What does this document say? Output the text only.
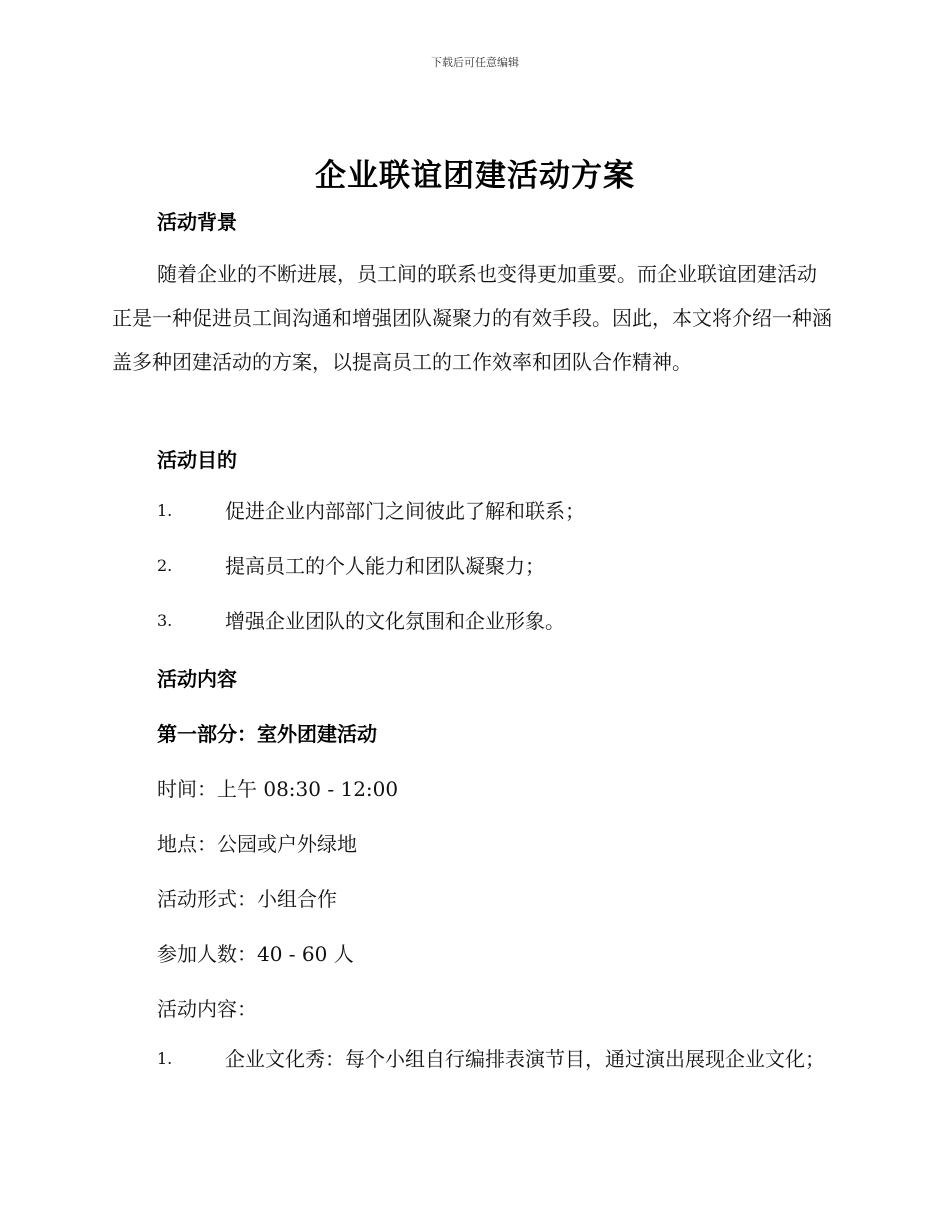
下载后可任意编辑
企业联谊团建活动方案
活动背景

随着企业的不断进展，员工间的联系也变得更加重要。而企业联谊团建活动正是一种促进员工间沟通和增强团队凝聚力的有效手段。因此，本文将介绍一种涵盖多种团建活动的方案，以提高员工的工作效率和团队合作精神。

活动目的
1.	促进企业内部部门之间彼此了解和联系；
2.	提高员工的个人能力和团队凝聚力；
3.	增强企业团队的文化氛围和企业形象。
活动内容
第一部分：室外团建活动
时间：上午 08:30 - 12:00
地点：公园或户外绿地
活动形式：小组合作
参加人数：40 - 60 人
活动内容：
1.	企业文化秀：每个小组自行编排表演节目，通过演出展现企业文化；
